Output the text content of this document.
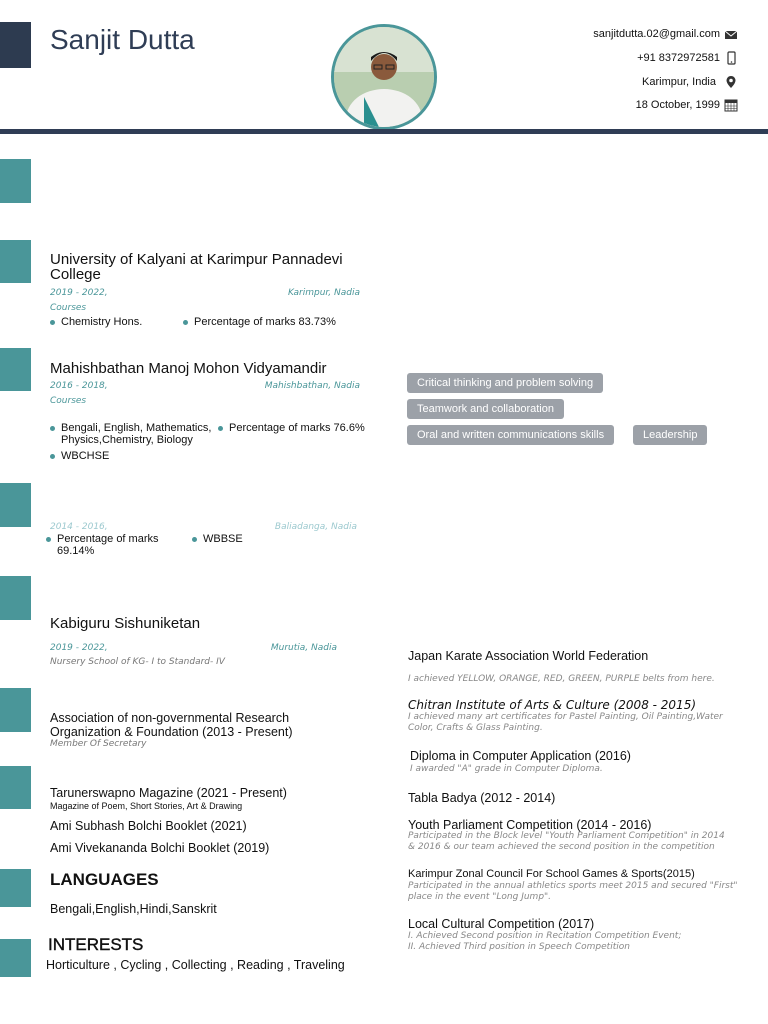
Sanjit Dutta	sanjitdutta.02@gmail.com
+91 8372972581
Karimpur, India
18 October, 1999
University of Kalyani at Karimpur Pannadevi College
2019 - 2022,	Karimpur, Nadia
Courses
Chemistry Hons.	Percentage of marks 83.73%
Mahishbathan Manoj Mohon Vidyamandir
2016 - 2018,	Mahishbathan, Nadia
Courses
Bengali, English, Mathematics, Physics,Chemistry, Biology
Percentage of marks 76.6%
WBCHSE
2014 - 2016,	Baliadanga, Nadia
Percentage of marks 69.14%
WBBSE
Kabiguru Sishuniketan
2019 - 2022,	Murutia, Nadia
Nursery School of KG- I to Standard- IV
Association of non-governmental Research Organization & Foundation (2013 - Present)
Member Of Secretary
Tarunerswapno Magazine (2021 - Present)
Magazine of Poem, Short Stories, Art & Drawing
Ami Subhash Bolchi Booklet (2021)
Ami Vivekananda Bolchi Booklet (2019)
LANGUAGES
Bengali,English,Hindi,Sanskrit
INTERESTS
Horticulture , Cycling , Collecting , Reading , Traveling
Critical thinking and problem solving
Teamwork and collaboration
Oral and written communications skills	Leadership
Japan Karate Association World Federation
I achieved YELLOW, ORANGE, RED, GREEN, PURPLE belts from here.
Chitran Institute of Arts & Culture (2008 - 2015)
I achieved many art certificates for Pastel Painting, Oil Painting,Water Color, Crafts & Glass Painting.
Diploma in Computer Application (2016)
I awarded "A" grade in Computer Diploma.
Tabla Badya (2012 - 2014)
Youth Parliament Competition (2014 - 2016)
Participated in the Block level "Youth Parliament Competition" in 2014 & 2016 & our team achieved the second position in the competition
Karimpur Zonal Council For School Games & Sports(2015)
Participated in the annual athletics sports meet 2015 and secured "First" place in the event "Long Jump".
Local Cultural Competition (2017)
I. Achieved Second position in Recitation Competition Event;
II. Achieved Third position in Speech Competition
